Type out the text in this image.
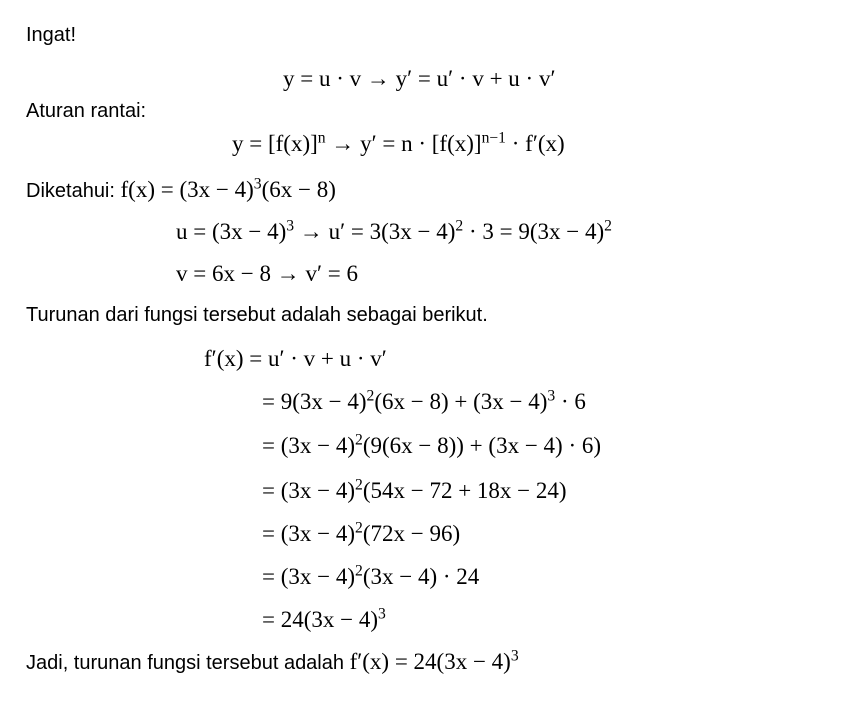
Ingat!
y = u · v → y′ = u′ · v + u · v′
Aturan rantai:
$y = [f(x)]^n \to y' = n \cdot [f(x)]^{n-1} \cdot f'(x)$
Diketahui: $f(x) = (3x - 4)^3(6x - 8)$
$u = (3x - 4)^3 \to u' = 3(3x - 4)^2 \cdot 3 = 9(3x - 4)^2$
v = 6x − 8 → v′ = 6
Turunan dari fungsi tersebut adalah sebagai berikut.
f′(x) = u′ · v + u · v′
= $9(3x - 4)^2(6x - 8) + (3x - 4)^3 \cdot 6$
= $(3x - 4)^2(9(6x - 8)) + (3x - 4) \cdot 6$)
= $(3x - 4)^2(54x - 72 + 18x - 24)$
= $(3x - 4)^2(72x - 96)$
= $(3x - 4)^2(3x - 4) \cdot 24$
= $24(3x - 4)^3$
Jadi, turunan fungsi tersebut adalah $f'(x) = 24(3x - 4)^3$
